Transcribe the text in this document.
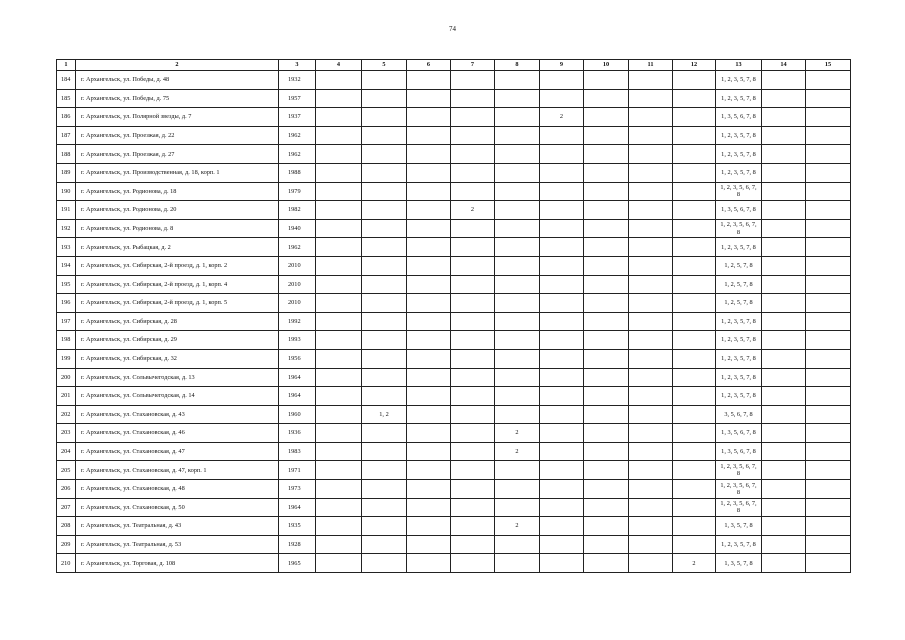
74
1	2	3	4	5	6	7	8	9	10	11	12	13	14	15
184	г. Архангельск, ул. Победы, д. 48	1932										1, 2, 3, 5, 7, 8		
185	г. Архангельск, ул. Победы, д. 75	1957										1, 2, 3, 5, 7, 8		
186	г. Архангельск, ул. Полярной звезды, д. 7	1937						2				1, 3, 5, 6, 7, 8		
187	г. Архангельск, ул. Проезжая, д. 22	1962										1, 2, 3, 5, 7, 8		
188	г. Архангельск, ул. Проезжая, д. 27	1962										1, 2, 3, 5, 7, 8		
189	г. Архангельск, ул. Производственная, д. 18, корп. 1	1988										1, 2, 3, 5, 7, 8		
190	г. Архангельск, ул. Родионова, д. 18	1979										1, 2, 3, 5, 6, 7, 8		
191	г. Архангельск, ул. Родионова, д. 20	1982				2						1, 3, 5, 6, 7, 8		
192	г. Архангельск, ул. Родионова, д. 8	1940										1, 2, 3, 5, 6, 7, 8		
193	г. Архангельск, ул. Рыбацкая, д. 2	1962										1, 2, 3, 5, 7, 8		
194	г. Архангельск, ул. Сибирская, 2-й проезд, д. 1, корп. 2	2010										1, 2, 5, 7, 8		
195	г. Архангельск, ул. Сибирская, 2-й проезд, д. 1, корп. 4	2010										1, 2, 5, 7, 8		
196	г. Архангельск, ул. Сибирская, 2-й проезд, д. 1, корп. 5	2010										1, 2, 5, 7, 8		
197	г. Архангельск, ул. Сибирская, д. 28	1992										1, 2, 3, 5, 7, 8		
198	г. Архангельск, ул. Сибирская, д. 29	1993										1, 2, 3, 5, 7, 8		
199	г. Архангельск, ул. Сибирская, д. 32	1956										1, 2, 3, 5, 7, 8		
200	г. Архангельск, ул. Сольвычегодская, д. 13	1964										1, 2, 3, 5, 7, 8		
201	г. Архангельск, ул. Сольвычегодская, д. 14	1964										1, 2, 3, 5, 7, 8		
202	г. Архангельск, ул. Стахановская, д. 43	1960		1, 2								3, 5, 6, 7, 8		
203	г. Архангельск, ул. Стахановская, д. 46	1936					2					1, 3, 5, 6, 7, 8		
204	г. Архангельск, ул. Стахановская, д. 47	1983					2					1, 3, 5, 6, 7, 8		
205	г. Архангельск, ул. Стахановская, д. 47, корп. 1	1971										1, 2, 3, 5, 6, 7, 8		
206	г. Архангельск, ул. Стахановская, д. 48	1973										1, 2, 3, 5, 6, 7, 8		
207	г. Архангельск, ул. Стахановская, д. 50	1964										1, 2, 3, 5, 6, 7, 8		
208	г. Архангельск, ул. Театральная, д. 43	1935					2					1, 3, 5, 7, 8		
209	г. Архангельск, ул. Театральная, д. 53	1928										1, 2, 3, 5, 7, 8		
210	г. Архангельск, ул. Торговая, д. 108	1965									2	1, 3, 5, 7, 8		
